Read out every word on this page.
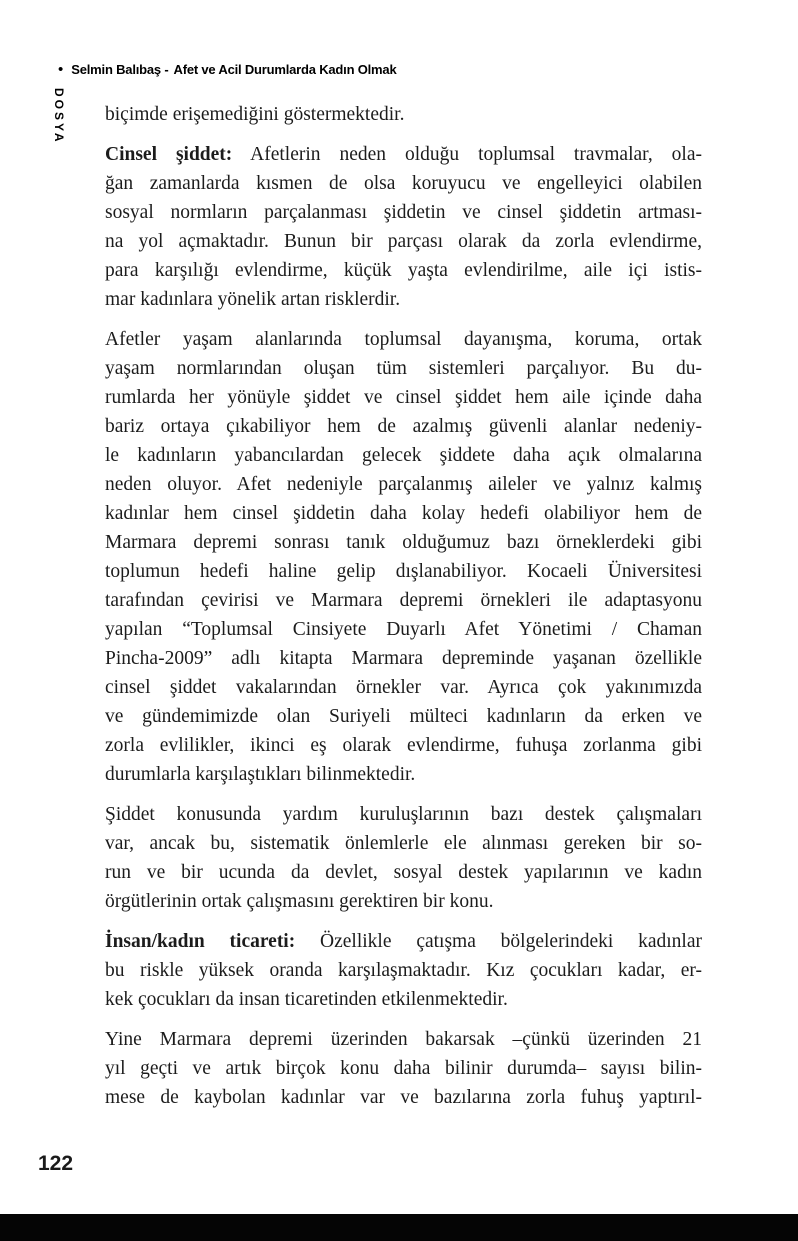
• Selmin Balıbaş - Afet ve Acil Durumlarda Kadın Olmak
DOSYA biçimde erişemediğini göstermektedir.
Cinsel şiddet: Afetlerin neden olduğu toplumsal travmalar, ola-
ğan zamanlarda kısmen de olsa koruyucu ve engelleyici olabilen
sosyal normların parçalanması şiddetin ve cinsel şiddetin artması-
na yol açmaktadır. Bunun bir parçası olarak da zorla evlendirme,
para karşılığı evlendirme, küçük yaşta evlendirilme, aile içi istis-
mar kadınlara yönelik artan risklerdir.
Afetler yaşam alanlarında toplumsal dayanışma, koruma, ortak
yaşam normlarından oluşan tüm sistemleri parçalıyor. Bu du-
rumlarda her yönüyle şiddet ve cinsel şiddet hem aile içinde daha
bariz ortaya çıkabiliyor hem de azalmış güvenli alanlar nedeniy-
le kadınların yabancılardan gelecek şiddete daha açık olmalarına
neden oluyor. Afet nedeniyle parçalanmış aileler ve yalnız kalmış
kadınlar hem cinsel şiddetin daha kolay hedefi olabiliyor hem de
Marmara depremi sonrası tanık olduğumuz bazı örneklerdeki gibi
toplumun hedefi haline gelip dışlanabiliyor. Kocaeli Üniversitesi
tarafından çevirisi ve Marmara depremi örnekleri ile adaptasyonu
yapılan “Toplumsal Cinsiyete Duyarlı Afet Yönetimi / Chaman
Pincha-2009” adlı kitapta Marmara depreminde yaşanan özellikle
cinsel şiddet vakalarından örnekler var. Ayrıca çok yakınımızda
ve gündemimizde olan Suriyeli mülteci kadınların da erken ve
zorla evlilikler, ikinci eş olarak evlendirme, fuhuşa zorlanma gibi
durumlarla karşılaştıkları bilinmektedir.
Şiddet konusunda yardım kuruluşlarının bazı destek çalışmaları
var, ancak bu, sistematik önlemlerle ele alınması gereken bir so-
run ve bir ucunda da devlet, sosyal destek yapılarının ve kadın
örgütlerinin ortak çalışmasını gerektiren bir konu.
İnsan/kadın ticareti: Özellikle çatışma bölgelerindeki kadınlar
bu riskle yüksek oranda karşılaşmaktadır. Kız çocukları kadar, er-
kek çocukları da insan ticaretinden etkilenmektedir.
Yine Marmara depremi üzerinden bakarsak –çünkü üzerinden 21
yıl geçti ve artık birçok konu daha bilinir durumda– sayısı bilin-
mese de kaybolan kadınlar var ve bazılarına zorla fuhuş yaptırıl-
122
